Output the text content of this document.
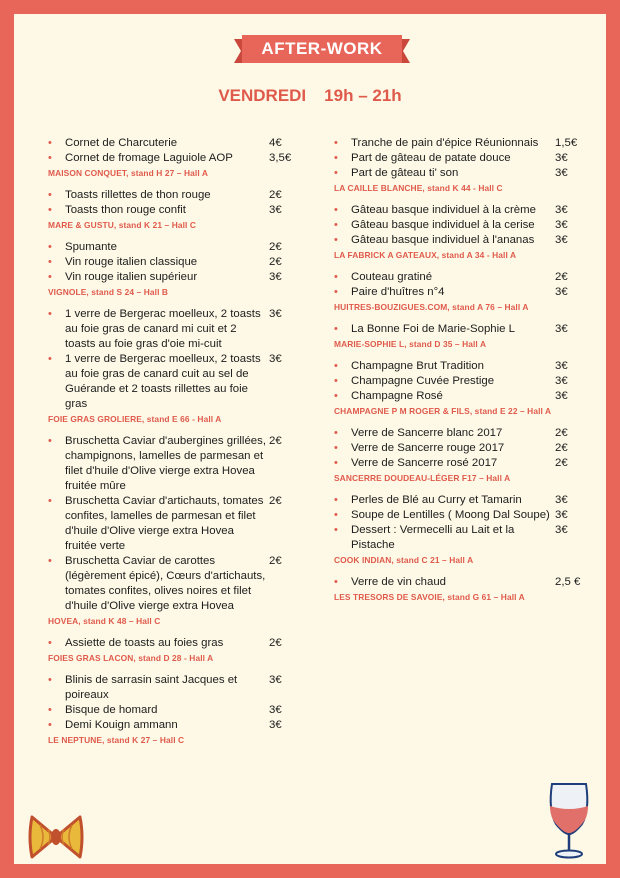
AFTER-WORK
VENDREDI 19h – 21h
•	Cornet de Charcuterie	4€
•	Cornet de fromage Laguiole AOP	3,5€
MAISON CONQUET, stand H 27 – Hall A
•	Toasts rillettes de thon rouge	2€
•	Toasts thon rouge confit	3€
MARE & GUSTU, stand K 21 – Hall C
•	Spumante	2€
•	Vin rouge italien classique	2€
•	Vin rouge italien supérieur	3€
VIGNOLE, stand S 24 – Hall B
•	1 verre de Bergerac moelleux, 2 toasts au foie gras de canard mi cuit et 2 toasts au foie gras d'oie mi-cuit
3€
•	1 verre de Bergerac moelleux, 2 toasts au foie gras de canard cuit au sel de Guérande et 2 toasts rillettes au foie gras
3€
FOIE GRAS GROLIERE, stand E 66 - Hall A
•	Bruschetta Caviar d'aubergines grillées, champignons, lamelles de parmesan et filet d'huile d'Olive vierge extra Hovea fruitée mûre
2€
•	Bruschetta Caviar d'artichauts, tomates confites, lamelles de parmesan et filet d'huile d'Olive vierge extra Hovea fruitée verte
2€
•	Bruschetta Caviar de carottes (légèrement épicé), Cœurs d'artichauts, tomates confites, olives noires et filet d'huile d'Olive vierge extra Hovea
2€
HOVEA, stand K 48 – Hall C
•	Assiette de toasts au foies gras	2€
FOIES GRAS LACON, stand D 28 - Hall A
•	Blinis de sarrasin saint Jacques et poireaux
3€
•	Bisque de homard	3€
•	Demi Kouign ammann	3€
LE NEPTUNE, stand K 27 – Hall C
•	Tranche de pain d'épice Réunionnais	1,5€
•	Part de gâteau de patate douce	3€
•	Part de gâteau ti' son	3€
LA CAILLE BLANCHE, stand K 44 - Hall C
•	Gâteau basque individuel à la crème	3€
•	Gâteau basque individuel à la cerise	3€
•	Gâteau basque individuel à l'ananas	3€
LA FABRICK A GATEAUX, stand A 34 - Hall A
•	Couteau gratiné	2€
•	Paire d'huîtres n°4	3€
HUITRES-BOUZIGUES.COM, stand A 76 – Hall A
•	La Bonne Foi de Marie-Sophie L	3€
MARIE-SOPHIE L, stand D 35 – Hall A
•	Champagne Brut Tradition	3€
•	Champagne Cuvée Prestige	3€
•	Champagne Rosé	3€
CHAMPAGNE P M ROGER & FILS, stand E 22 – Hall A
•	Verre de Sancerre blanc 2017	2€
•	Verre de Sancerre rouge 2017	2€
•	Verre de Sancerre rosé 2017	2€
SANCERRE DOUDEAU-LÉGER F17 – Hall A
•	Perles de Blé au Curry et Tamarin	3€
•	Soupe de Lentilles ( Moong Dal Soupe) 3€
•	Dessert : Vermecelli au Lait et la Pistache
3€
COOK INDIAN, stand C 21 – Hall A
•	Verre de vin chaud	2,5 €
LES TRESORS DE SAVOIE, stand G 61 – Hall A
